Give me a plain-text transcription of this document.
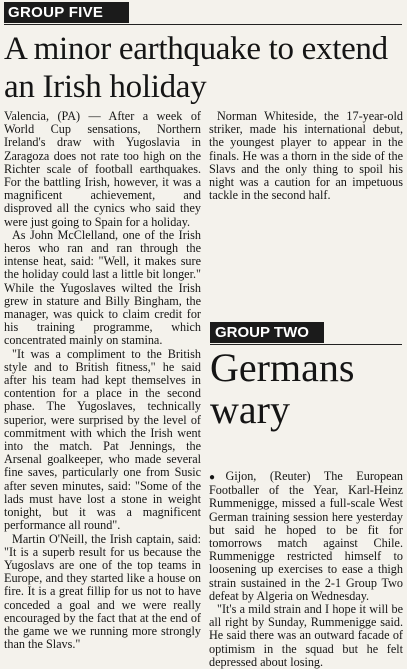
GROUP FIVE
A minor earthquake to extend an Irish holiday

Valencia, (PA) — After a week of World Cup sensations, Northern Ireland's draw with Yugoslavia in Zaragoza does not rate too high on the Richter scale of football earthquakes. For the battling Irish, however, it was a magnificent achievement, and disproved all the cynics who said they were just going to Spain for a holiday.

As John McClelland, one of the Irish heros who ran and ran through the intense heat, said: "Well, it makes sure the holiday could last a little bit longer." While the Yugoslaves wilted the Irish grew in stature and Billy Bingham, the manager, was quick to claim credit for his training programme, which concentrated mainly on stamina.

"It was a compliment to the British style and to British fitness," he said after his team had kept themselves in contention for a place in the second phase. The Yugoslaves, technically superior, were surprised by the level of commitment with which the Irish went into the match. Pat Jennings, the Arsenal goalkeeper, who made several fine saves, particularly one from Susic after seven minutes, said: "Some of the lads must have lost a stone in weight tonight, but it was a magnificent performance all round".

Martin O'Neill, the Irish captain, said: "It is a superb result for us because the Yugoslavs are one of the top teams in Europe, and they started like a house on fire. It is a great fillip for us not to have conceded a goal and we were really encouraged by the fact that at the end of the game we we running more strongly than the Slavs."

Norman Whiteside, the 17-year-old striker, made his international debut, the youngest player to appear in the finals. He was a thorn in the side of the Slavs and the only thing to spoil his night was a caution for an impetuous tackle in the second half.

GROUP TWO
Germans wary

●Gijon, (Reuter) The European Footballer of the Year, Karl-Heinz Rummenigge, missed a full-scale West German training session here yesterday but said he hoped to be fit for tomorrows match against Chile. Rummenigge restricted himself to loosening up exercises to ease a thigh strain sustained in the 2-1 Group Two defeat by Algeria on Wednesday.

"It's a mild strain and I hope it will be all right by Sunday, Rummenigge said. He said there was an outward facade of optimism in the squad but he felt depressed about losing.
